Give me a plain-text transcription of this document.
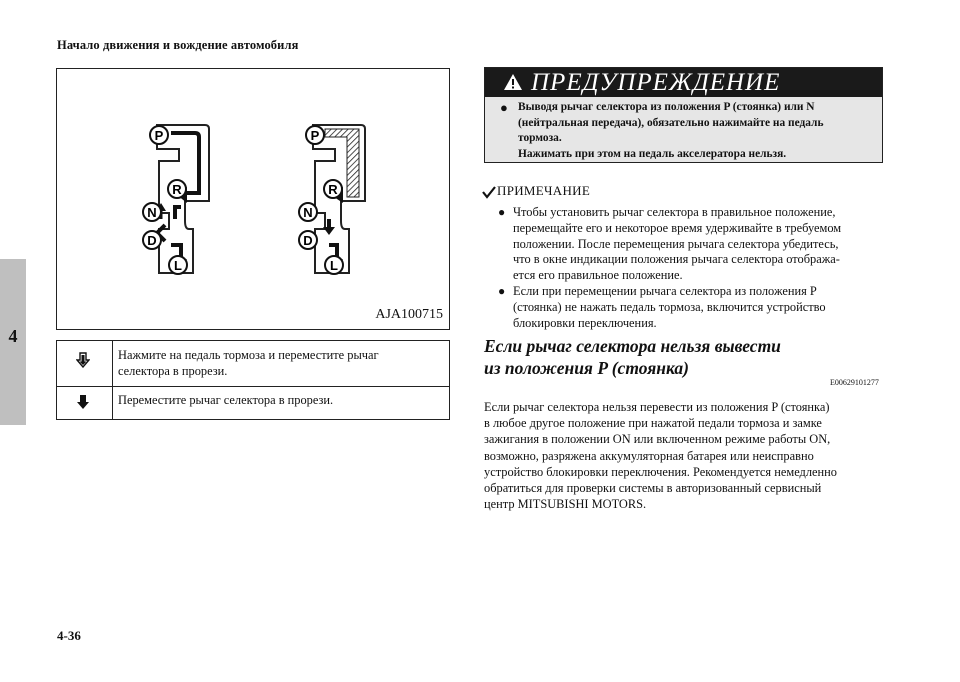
Начало движения и вождение автомобиля
4
P
R
N
D
L
P
R
N
D
L
AJA100715
Нажмите на педаль тормоза и переместите рычаг
селектора в прорези.
Переместите рычаг селектора в прорези.
ПРЕДУПРЕЖДЕНИЕ
● Выводя рычаг селектора из положения P (стоянка) или N
(нейтральная передача), обязательно нажимайте на педаль
тормоза.
Нажимать при этом на педаль акселератора нельзя.
ПРИМЕЧАНИЕ
● Чтобы установить рычаг селектора в правильное положение,
перемещайте его и некоторое время удерживайте в требуемом
положении. После перемещения рычага селектора убедитесь,
что в окне индикации положения рычага селектора отобража-
ется его правильное положение.
● Если при перемещении рычага селектора из положения P
(стоянка) не нажать педаль тормоза, включится устройство
блокировки переключения.
Если рычаг селектора нельзя вывести
из положения P (стоянка)
E00629101277
Если рычаг селектора нельзя перевести из положения P (стоянка)
в любое другое положение при нажатой педали тормоза и замке
зажигания в положении ON или включенном режиме работы ON,
возможно, разряжена аккумуляторная батарея или неисправно
устройство блокировки переключения. Рекомендуется немедленно
обратиться для проверки системы в авторизованный сервисный
центр MITSUBISHI MOTORS.
4-36
